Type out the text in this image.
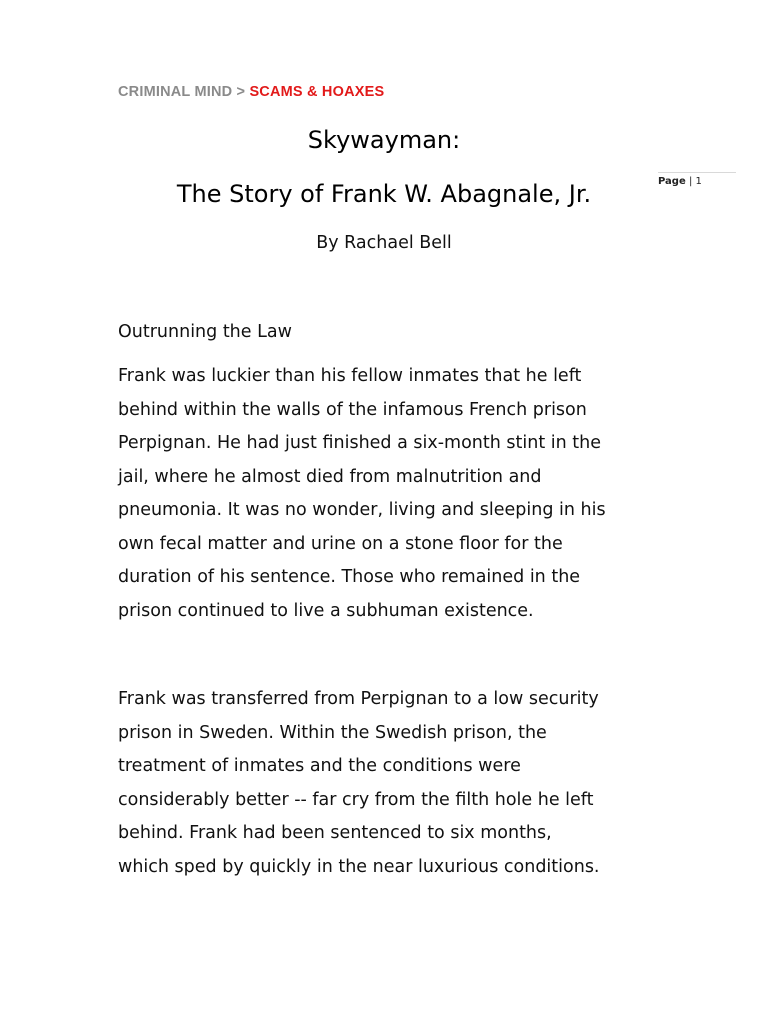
CRIMINAL MIND > SCAMS & HOAXES
Skywayman:
The Story of Frank W. Abagnale, Jr.
By Rachael Bell
Page | 1
Outrunning the Law
Frank was luckier than his fellow inmates that he left
behind within the walls of the infamous French prison
Perpignan. He had just finished a six-month stint in the
jail, where he almost died from malnutrition and
pneumonia. It was no wonder, living and sleeping in his
own fecal matter and urine on a stone floor for the
duration of his sentence. Those who remained in the
prison continued to live a subhuman existence.
Frank was transferred from Perpignan to a low security
prison in Sweden. Within the Swedish prison, the
treatment of inmates and the conditions were
considerably better -- far cry from the filth hole he left
behind. Frank had been sentenced to six months,
which sped by quickly in the near luxurious conditions.
